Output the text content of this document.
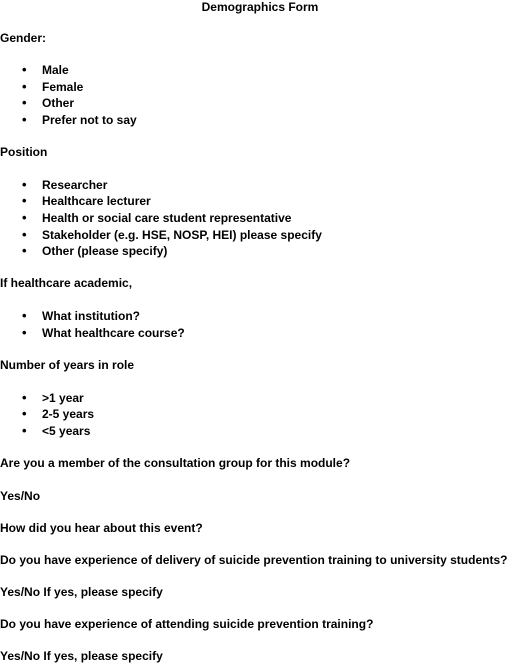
Demographics Form
Gender:
• Male
• Female
• Other
• Prefer not to say
Position
• Researcher
• Healthcare lecturer
• Health or social care student representative
• Stakeholder (e.g. HSE, NOSP, HEI) please specify
• Other (please specify)
If healthcare academic,
• What institution?
• What healthcare course?
Number of years in role
• >1 year
• 2-5 years
• <5 years
Are you a member of the consultation group for this module?
Yes/No
How did you hear about this event?
Do you have experience of delivery of suicide prevention training to university students?
Yes/No If yes, please specify
Do you have experience of attending suicide prevention training?
Yes/No If yes, please specify
